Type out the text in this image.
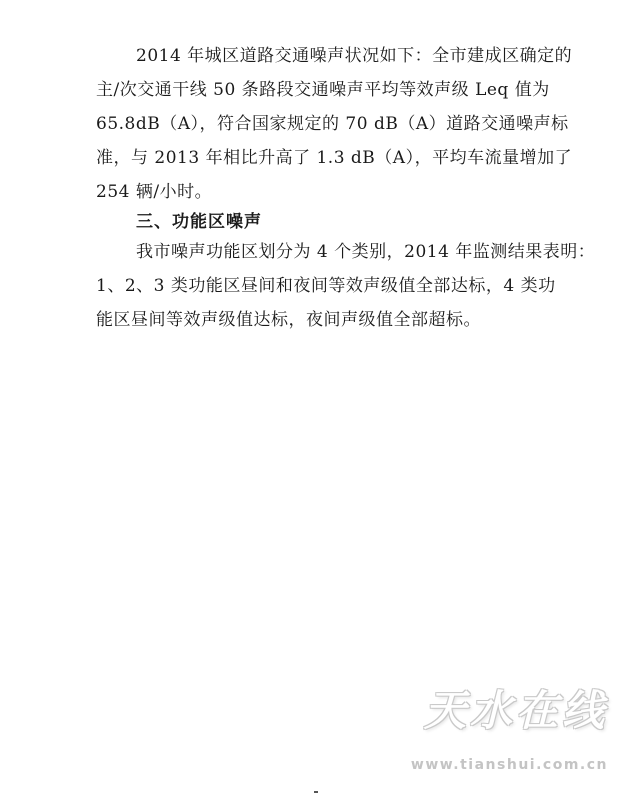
2014 年城区道路交通噪声状况如下：全市建成区确定的
主/次交通干线 50 条路段交通噪声平均等效声级 Leq 值为
65.8dB（A），符合国家规定的 70 dB（A）道路交通噪声标
准，与 2013 年相比升高了 1.3 dB（A），平均车流量增加了
254 辆/小时。
三、功能区噪声
我市噪声功能区划分为 4 个类别，2014 年监测结果表明：
1、2、3 类功能区昼间和夜间等效声级值全部达标，4 类功
能区昼间等效声级值达标，夜间声级值全部超标。
天水在线
www.tianshui.com.cn
